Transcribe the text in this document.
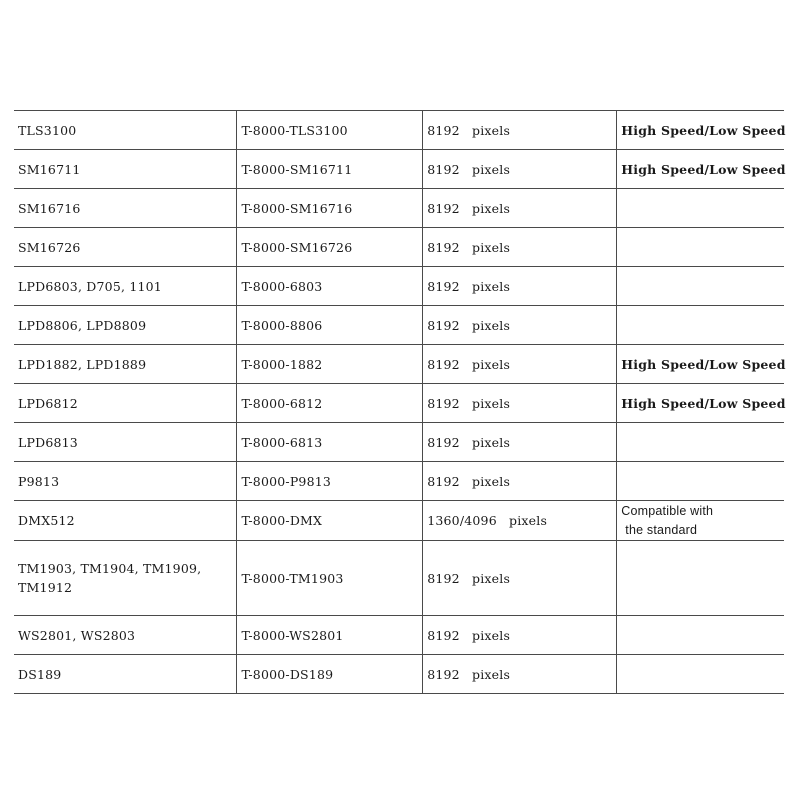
TLS3100	T-8000-TLS3100	8192 pixels	High Speed/Low Speed
SM16711	T-8000-SM16711	8192 pixels	High Speed/Low Speed
SM16716	T-8000-SM16716	8192 pixels	
SM16726	T-8000-SM16726	8192 pixels	
LPD6803, D705, 1101	T-8000-6803	8192 pixels	
LPD8806, LPD8809	T-8000-8806	8192 pixels	
LPD1882, LPD1889	T-8000-1882	8192 pixels	High Speed/Low Speed
LPD6812	T-8000-6812	8192 pixels	High Speed/Low Speed
LPD6813	T-8000-6813	8192 pixels	
P9813	T-8000-P9813	8192 pixels	
DMX512	T-8000-DMX	1360/4096 pixels	Compatible with
the standard

TM1903, TM1904, TM1909, TM1912	T-8000-TM1903	8192 pixels	
WS2801, WS2803	T-8000-WS2801	8192 pixels	
DS189	T-8000-DS189	8192 pixels	
